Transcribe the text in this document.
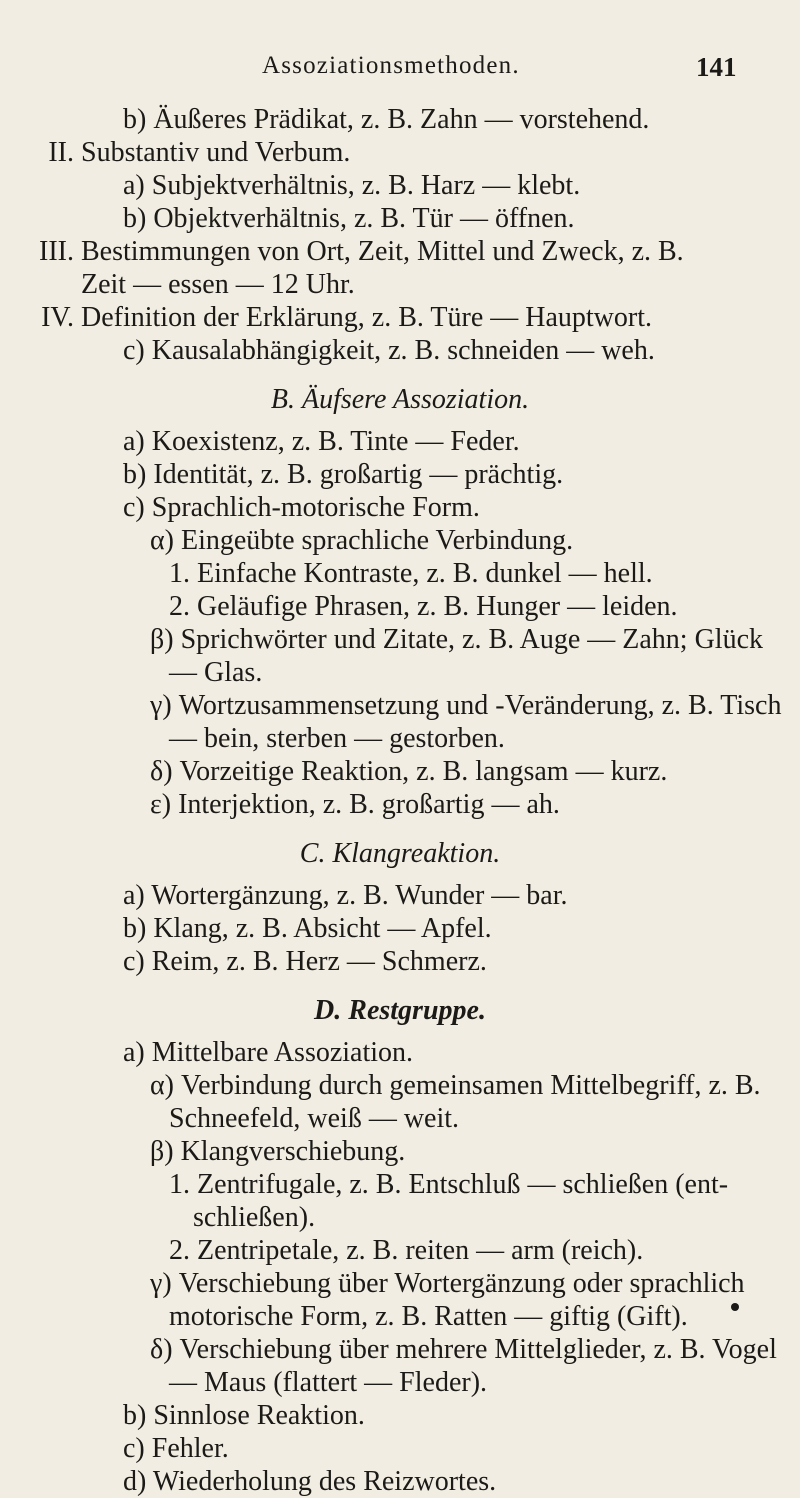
Assoziationsmethoden.	141
b) Äußeres Prädikat, z. B. Zahn — vorstehend.
II. Substantiv und Verbum.
a) Subjektverhältnis, z. B. Harz — klebt.
b) Objektverhältnis, z. B. Tür — öffnen.
III. Bestimmungen von Ort, Zeit, Mittel und Zweck, z. B.
Zeit — essen — 12 Uhr.
IV. Definition der Erklärung, z. B. Türe — Hauptwort.
c) Kausalabhängigkeit, z. B. schneiden — weh.
B. Äufsere Assoziation.
a) Koexistenz, z. B. Tinte — Feder.
b) Identität, z. B. großartig — prächtig.
c) Sprachlich-motorische Form.
α) Eingeübte sprachliche Verbindung.
1. Einfache Kontraste, z. B. dunkel — hell.
2. Geläufige Phrasen, z. B. Hunger — leiden.
β) Sprichwörter und Zitate, z. B. Auge — Zahn; Glück
— Glas.
γ) Wortzusammensetzung und -Veränderung, z. B. Tisch
— bein, sterben — gestorben.
δ) Vorzeitige Reaktion, z. B. langsam — kurz.
ε) Interjektion, z. B. großartig — ah.
C. Klangreaktion.
a) Wortergänzung, z. B. Wunder — bar.
b) Klang, z. B. Absicht — Apfel.
c) Reim, z. B. Herz — Schmerz.
D. Restgruppe.
a) Mittelbare Assoziation.
α) Verbindung durch gemeinsamen Mittelbegriff, z. B.
Schneefeld, weiß — weit.
β) Klangverschiebung.
1. Zentrifugale, z. B. Entschluß — schließen (ent-
schließen).
2. Zentripetale, z. B. reiten — arm (reich).
γ) Verschiebung über Wortergänzung oder sprachlich
motorische Form, z. B. Ratten — giftig (Gift).
δ) Verschiebung über mehrere Mittelglieder, z. B. Vogel
— Maus (flattert — Fleder).
b) Sinnlose Reaktion.
c) Fehler.
d) Wiederholung des Reizwortes.
